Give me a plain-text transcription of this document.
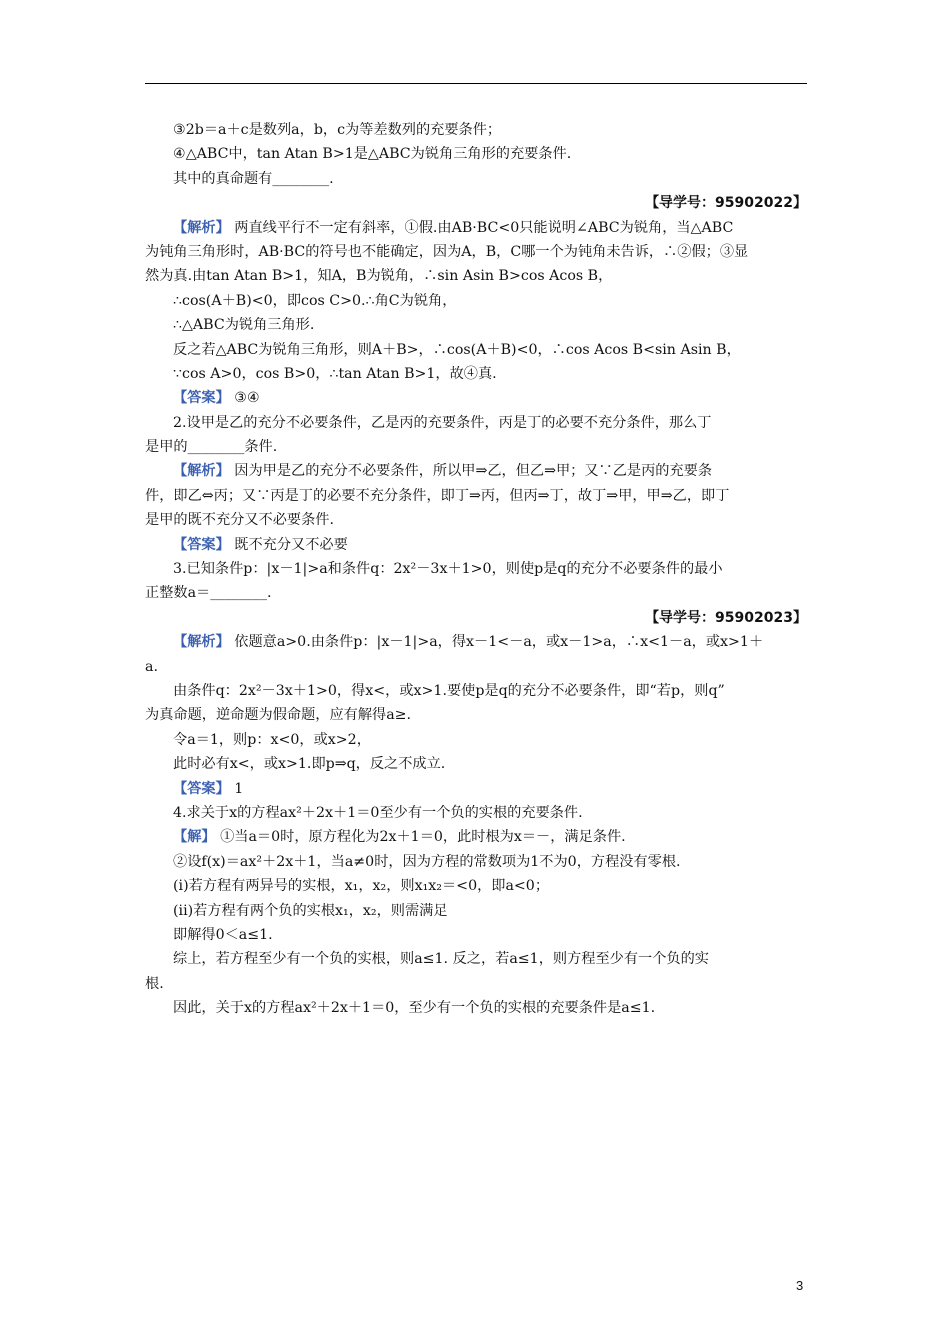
③2b＝a＋c是数列a，b，c为等差数列的充要条件；
④△ABC中，tan Atan B>1是△ABC为锐角三角形的充要条件.
其中的真命题有________.
【导学号：95902022】
【解析】 两直线平行不一定有斜率，①假.由AB·BC<0只能说明∠ABC为锐角，当△ABC
为钝角三角形时，AB·BC的符号也不能确定，因为A，B，C哪一个为钝角未告诉，∴②假；③显
然为真.由tan Atan B>1，知A，B为锐角，∴sin Asin B>cos Acos B，
∴cos(A＋B)<0，即cos C>0.∴角C为锐角，
∴△ABC为锐角三角形.
反之若△ABC为锐角三角形，则A＋B>，∴cos(A＋B)<0，∴cos Acos B<sin Asin B，
∵cos A>0，cos B>0，∴tan Atan B>1，故④真.
【答案】 ③④
2.设甲是乙的充分不必要条件，乙是丙的充要条件，丙是丁的必要不充分条件，那么丁
是甲的________条件.
【解析】 因为甲是乙的充分不必要条件，所以甲⇒乙，但乙⇒甲；又∵乙是丙的充要条
件，即乙⇔丙；又∵丙是丁的必要不充分条件，即丁⇒丙，但丙⇒丁，故丁⇒甲，甲⇒乙，即丁
是甲的既不充分又不必要条件.
【答案】 既不充分又不必要
3.已知条件p：|x－1|>a和条件q：2x²－3x＋1>0，则使p是q的充分不必要条件的最小
正整数a＝________.
【导学号：95902023】
【解析】 依题意a>0.由条件p：|x－1|>a，得x－1<－a，或x－1>a，∴x<1－a，或x>1＋
a.
由条件q：2x²－3x＋1>0，得x<，或x>1.要使p是q的充分不必要条件，即“若p，则q”
为真命题，逆命题为假命题，应有解得a≥.
令a＝1，则p：x<0，或x>2，
此时必有x<，或x>1.即p⇒q，反之不成立.
【答案】 1
4.求关于x的方程ax²＋2x＋1＝0至少有一个负的实根的充要条件.
【解】 ①当a＝0时，原方程化为2x＋1＝0，此时根为x＝－，满足条件.
②设f(x)＝ax²＋2x＋1，当a≠0时，因为方程的常数项为1不为0，方程没有零根.
(i)若方程有两异号的实根，x₁，x₂，则x₁x₂＝<0，即a<0；
(ii)若方程有两个负的实根x₁，x₂，则需满足
即解得0＜a≤1.
综上，若方程至少有一个负的实根，则a≤1. 反之，若a≤1，则方程至少有一个负的实
根.
因此，关于x的方程ax²＋2x＋1＝0，至少有一个负的实根的充要条件是a≤1.
3
